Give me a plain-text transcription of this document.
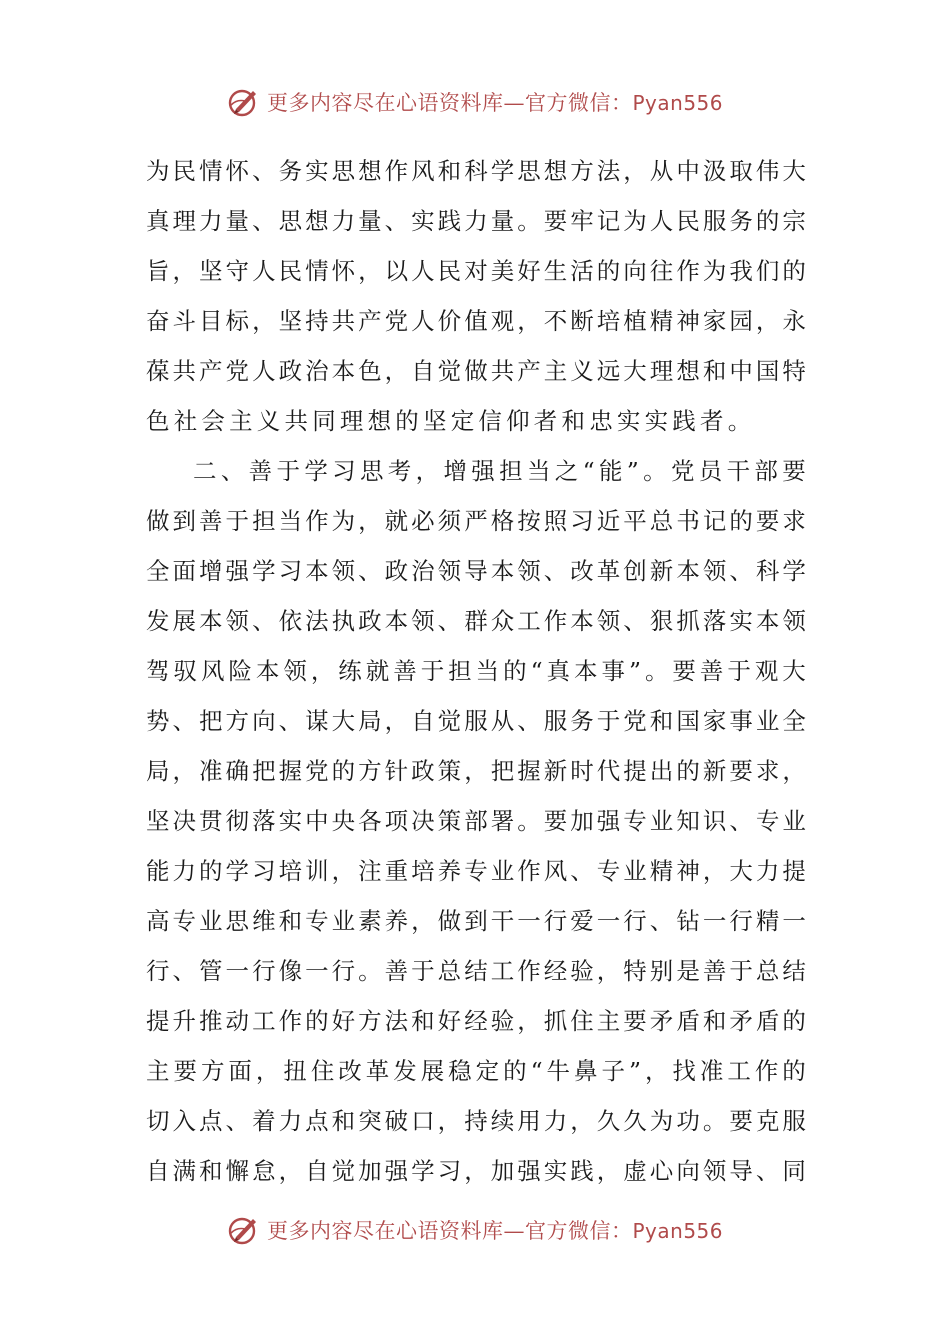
更多内容尽在心语资料库—官方微信：Pyan556
为 民 情 怀 、 务 实 思 想 作 风 和 科 学 思 想 方 法 ， 从 中 汲 取 伟 大
真 理 力 量 、 思 想 力 量 、 实 践 力 量 。 要 牢 记 为 人 民 服 务 的 宗
旨 ， 坚 守 人 民 情 怀 ， 以 人 民 对 美 好 生 活 的 向 往 作 为 我 们 的
奋 斗 目 标 ， 坚 持 共 产 党 人 价 值 观 ， 不 断 培 植 精 神 家 园 ， 永
葆 共 产 党 人 政 治 本 色 ， 自 觉 做 共 产 主 义 远 大 理 想 和 中 国 特
色社会主义共同理想的坚定信仰者和忠实实践者。
二 、 善 于 学 习 思 考 ， 增 强 担 当 之 “ 能 ” 。 党 员 干 部 要
做 到 善 于 担 当 作 为 ， 就 必 须 严 格 按 照 习 近 平 总 书 记 的 要 求
全 面 增 强 学 习 本 领 、 政 治 领 导 本 领 、 改 革 创 新 本 领 、 科 学
发 展 本 领 、 依 法 执 政 本 领 、 群 众 工 作 本 领 、 狠 抓 落 实 本 领
驾 驭 风 险 本 领 ， 练 就 善 于 担 当 的 “ 真 本 事 ” 。 要 善 于 观 大
势 、 把 方 向 、 谋 大 局 ， 自 觉 服 从 、 服 务 于 党 和 国 家 事 业 全
局 ， 准 确 把 握 党 的 方 针 政 策 ， 把 握 新 时 代 提 出 的 新 要 求 ，
坚 决 贯 彻 落 实 中 央 各 项 决 策 部 署 。 要 加 强 专 业 知 识 、 专 业
能 力 的 学 习 培 训 ， 注 重 培 养 专 业 作 风 、 专 业 精 神 ， 大 力 提
高 专 业 思 维 和 专 业 素 养 ， 做 到 干 一 行 爱 一 行 、 钻 一 行 精 一
行 、 管 一 行 像 一 行 。 善 于 总 结 工 作 经 验 ， 特 别 是 善 于 总 结
提 升 推 动 工 作 的 好 方 法 和 好 经 验 ， 抓 住 主 要 矛 盾 和 矛 盾 的
主 要 方 面 ， 扭 住 改 革 发 展 稳 定 的 “ 牛 鼻 子 ” ， 找 准 工 作 的
切 入 点 、 着 力 点 和 突 破 口 ， 持 续 用 力 ， 久 久 为 功 。 要 克 服
自 满 和 懈 怠 ， 自 觉 加 强 学 习 ， 加 强 实 践 ， 虚 心 向 领 导 、 同
更多内容尽在心语资料库—官方微信：Pyan556
